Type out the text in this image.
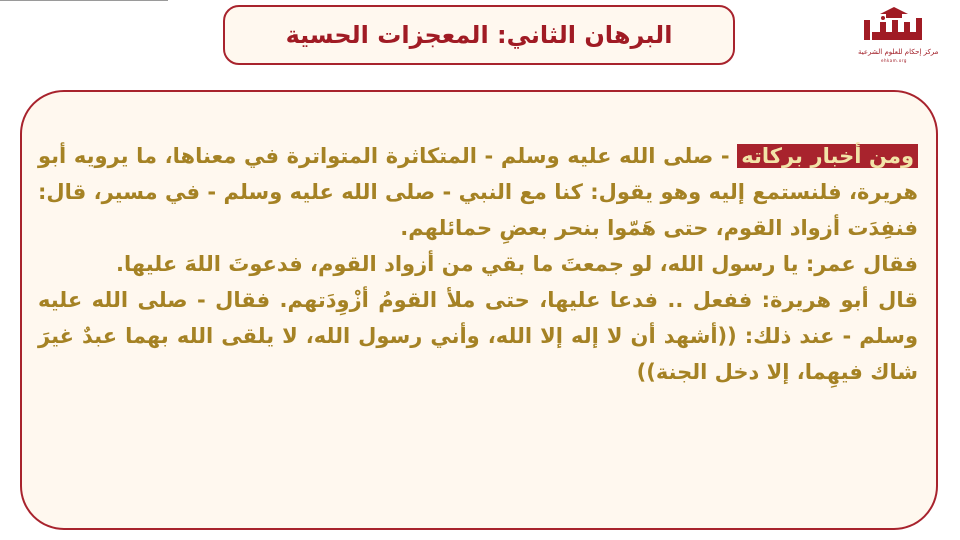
البرهان الثاني: المعجزات الحسية
مركز إحكام للعلوم الشرعية
ehkam.org

ومن أخبار بركاته - صلى الله عليه وسلم - المتكاثرة المتواترة في معناها، ما يرويه أبو هريرة، فلنستمع إليه وهو يقول: كنا مع النبي - صلى الله عليه وسلم - في مسير، قال: فنفِدَت أزواد القوم، حتى هَمّوا بنحر بعضِ حمائلهم.

فقال عمر: يا رسول الله، لو جمعتَ ما بقي من أزواد القوم، فدعوتَ اللهَ عليها.

قال أبو هريرة: ففعل .. فدعا عليها، حتى ملأ القومُ أزْوِدَتهم. فقال - صلى الله عليه وسلم - عند ذلك: ((أشهد أن لا إله إلا الله، وأني رسول الله، لا يلقى الله بهما عبدٌ غيرَ شاك فيهِما، إلا دخل الجنة))
